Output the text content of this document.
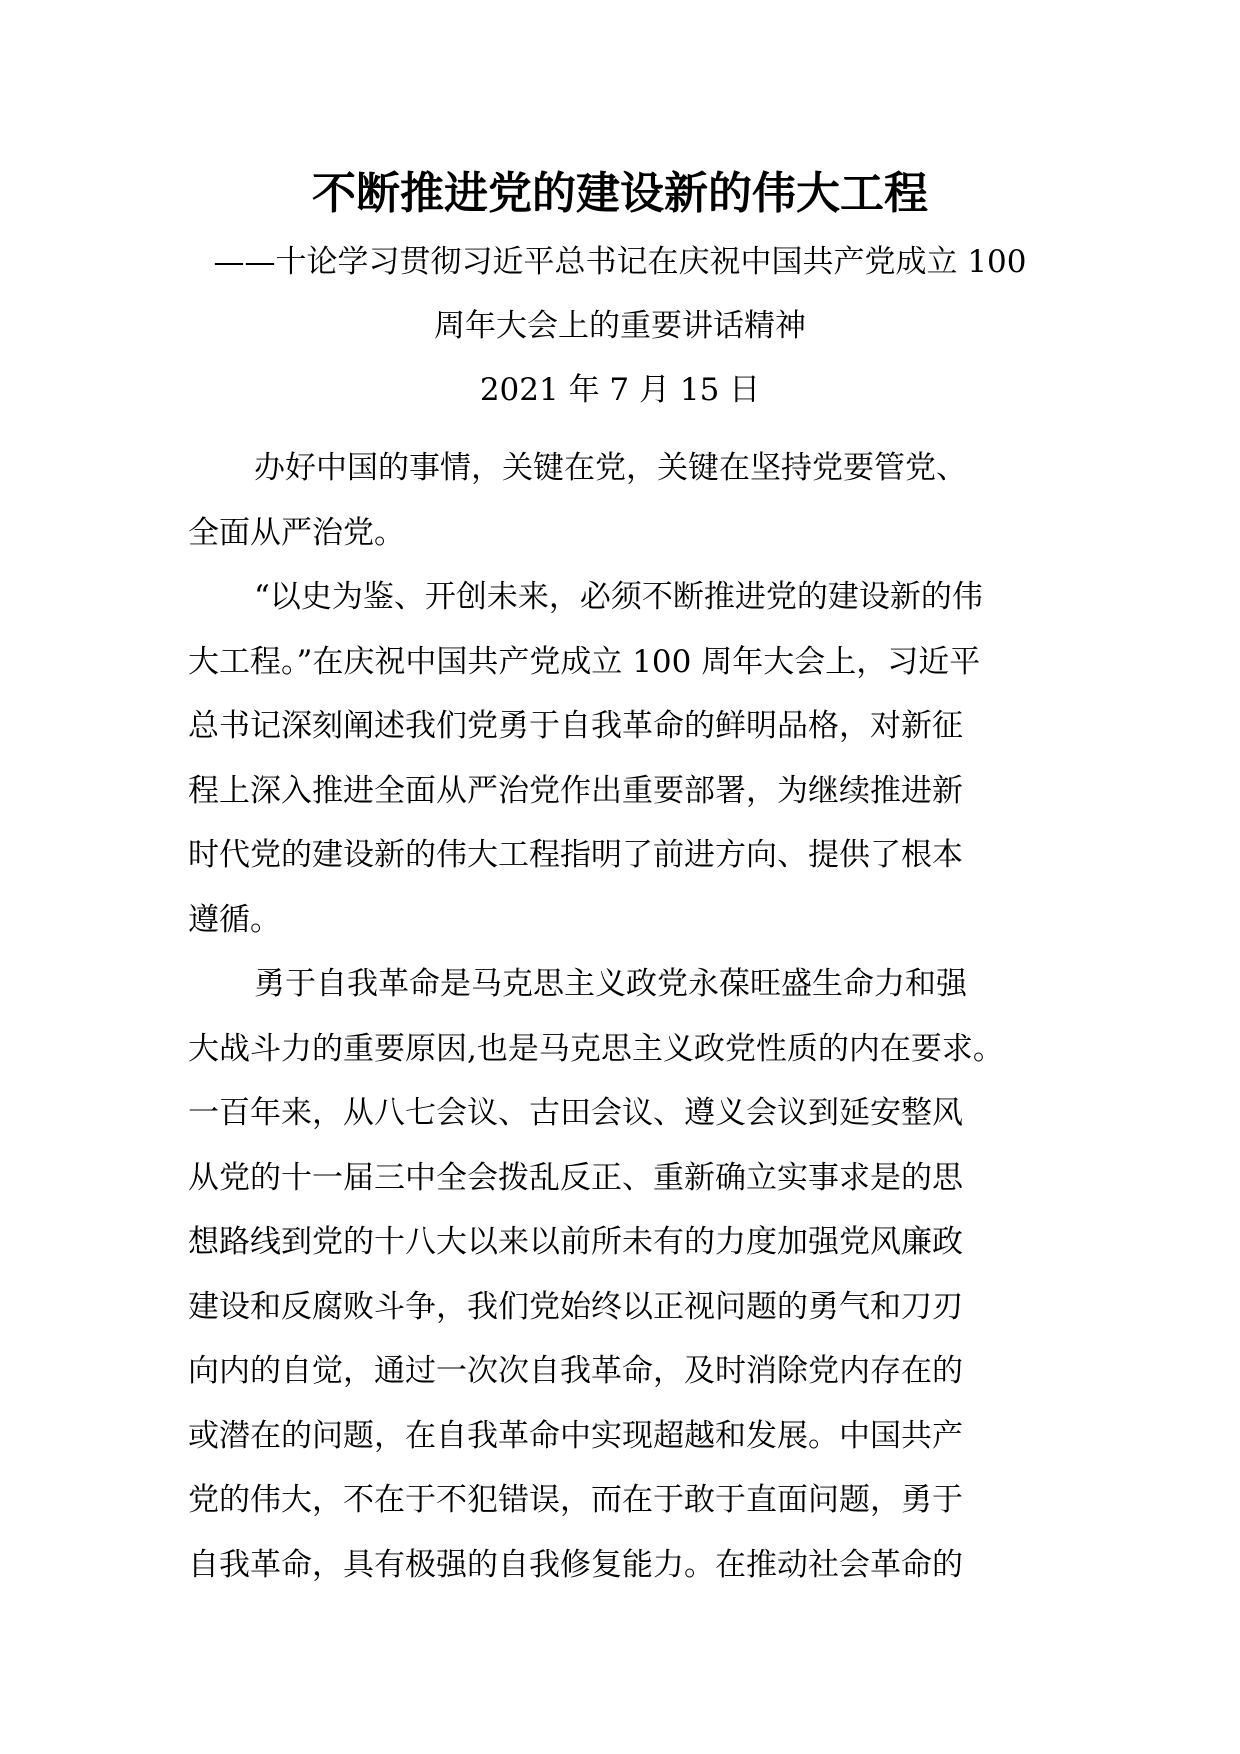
不断推进党的建设新的伟大工程
——十论学习贯彻习近平总书记在庆祝中国共产党成立 100
周年大会上的重要讲话精神
2021 年 7 月 15 日
办好中国的事情，关键在党，关键在坚持党要管党、
全面从严治党。
“以史为鉴、开创未来，必须不断推进党的建设新的伟
大工程。”在庆祝中国共产党成立 100 周年大会上，习近平
总书记深刻阐述我们党勇于自我革命的鲜明品格，对新征
程上深入推进全面从严治党作出重要部署，为继续推进新
时代党的建设新的伟大工程指明了前进方向、提供了根本
遵循。
勇于自我革命是马克思主义政党永葆旺盛生命力和强
大战斗力的重要原因,也是马克思主义政党性质的内在要求。
一百年来，从八七会议、古田会议、遵义会议到延安整风
从党的十一届三中全会拨乱反正、重新确立实事求是的思
想路线到党的十八大以来以前所未有的力度加强党风廉政
建设和反腐败斗争，我们党始终以正视问题的勇气和刀刃
向内的自觉，通过一次次自我革命，及时消除党内存在的
或潜在的问题，在自我革命中实现超越和发展。中国共产
党的伟大，不在于不犯错误，而在于敢于直面问题，勇于
自我革命，具有极强的自我修复能力。在推动社会革命的
